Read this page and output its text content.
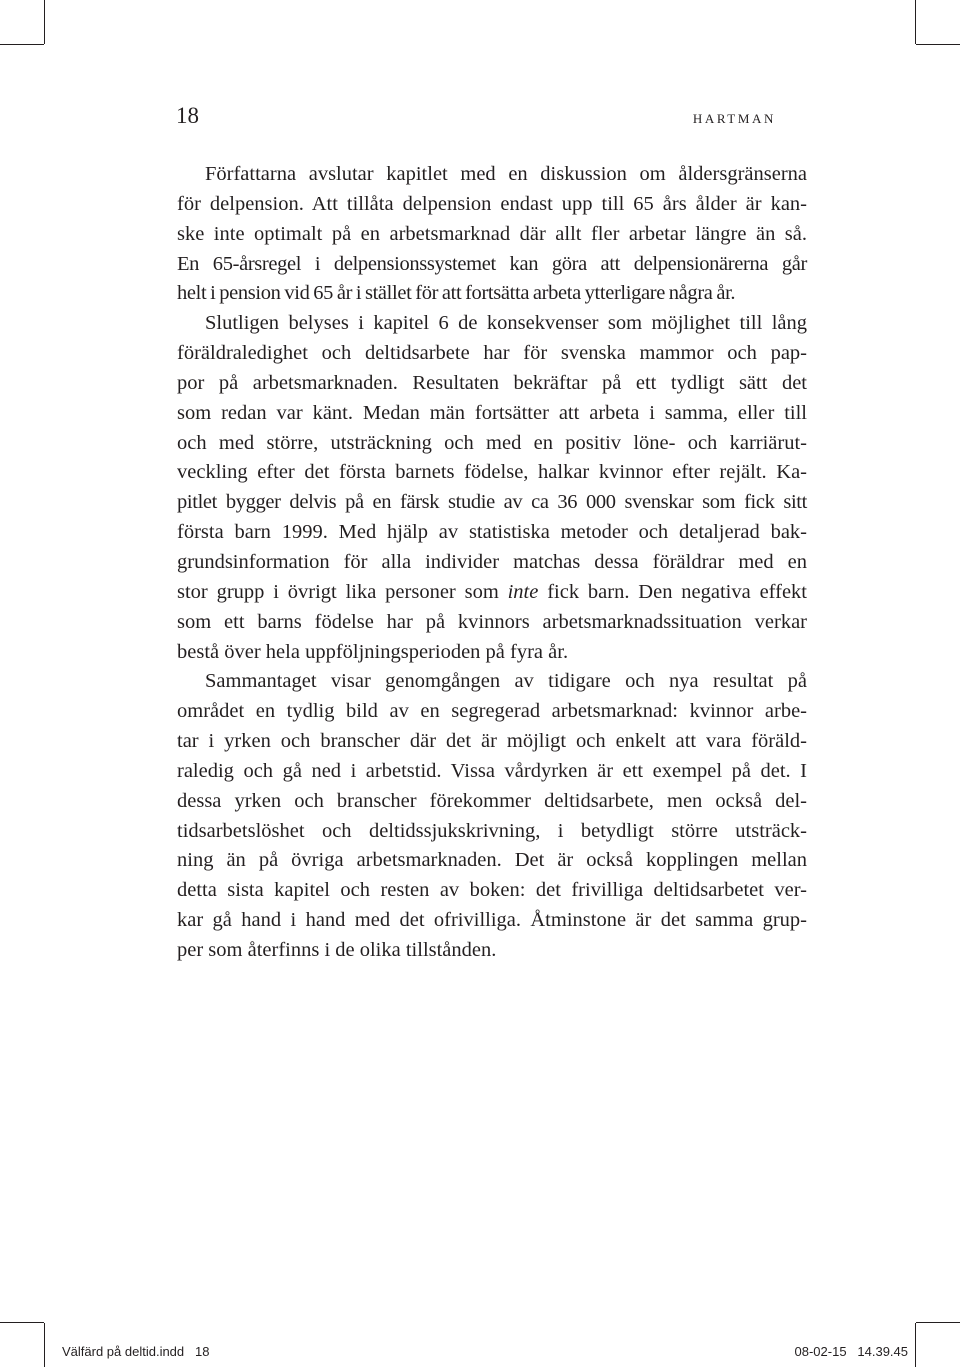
18	HARTMAN
Författarna avslutar kapitlet med en diskussion om åldersgränserna
för delpension. Att tillåta delpension endast upp till 65 års ålder är kan-
ske inte optimalt på en arbetsmarknad där allt fler arbetar längre än så.
En 65-årsregel i delpensionssystemet kan göra att delpensionärerna går
helt i pension vid 65 år i stället för att fortsätta arbeta ytterligare några år.
Slutligen belyses i kapitel 6 de konsekvenser som möjlighet till lång
föräldraledighet och deltidsarbete har för svenska mammor och pap-
por på arbetsmarknaden. Resultaten bekräftar på ett tydligt sätt det
som redan var känt. Medan män fortsätter att arbeta i samma, eller till
och med större, utsträckning och med en positiv löne- och karriärut-
veckling efter det första barnets födelse, halkar kvinnor efter rejält. Ka-
pitlet bygger delvis på en färsk studie av ca 36 000 svenskar som fick sitt
första barn 1999. Med hjälp av statistiska metoder och detaljerad bak-
grundsinformation för alla individer matchas dessa föräldrar med en
stor grupp i övrigt lika personer som inte fick barn. Den negativa effekt
som ett barns födelse har på kvinnors arbetsmarknadssituation verkar
bestå över hela uppföljningsperioden på fyra år.
Sammantaget visar genomgången av tidigare och nya resultat på
området en tydlig bild av en segregerad arbetsmarknad: kvinnor arbe-
tar i yrken och branscher där det är möjligt och enkelt att vara föräld-
raledig och gå ned i arbetstid. Vissa vårdyrken är ett exempel på det. I
dessa yrken och branscher förekommer deltidsarbete, men också del-
tidsarbetslöshet och deltidssjukskrivning, i betydligt större utsträck-
ning än på övriga arbetsmarknaden. Det är också kopplingen mellan
detta sista kapitel och resten av boken: det frivilliga deltidsarbetet ver-
kar gå hand i hand med det ofrivilliga. Åtminstone är det samma grup-
per som återfinns i de olika tillstånden.
Välfärd på deltid.indd   18	08-02-15   14.39.45
